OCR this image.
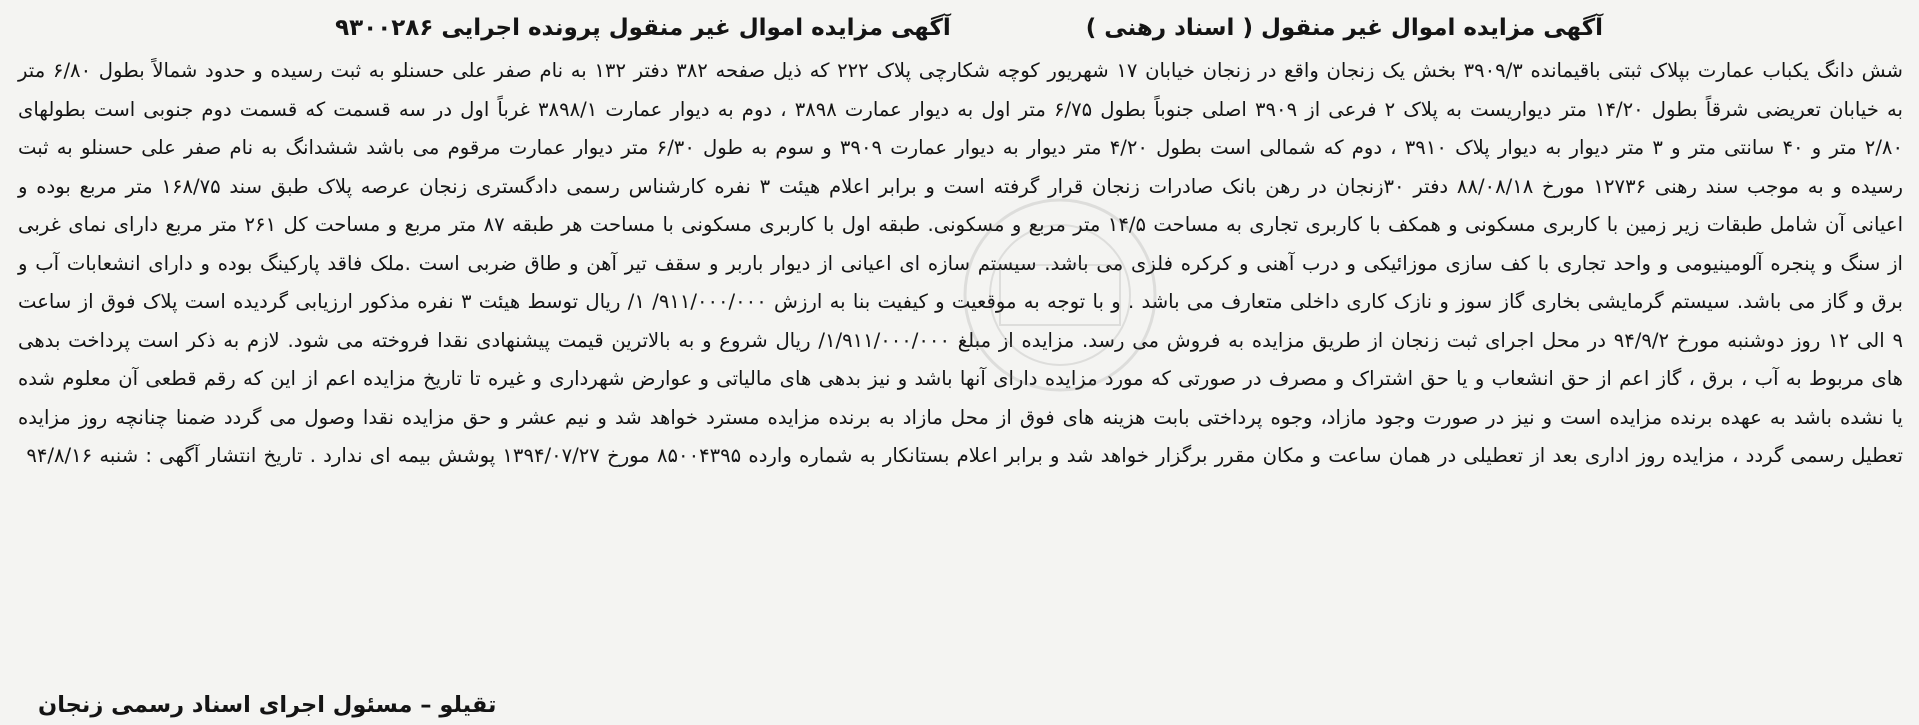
آگهی مزایده اموال غیر منقول ( اسناد رهنی )
آگهی مزایده اموال غیر منقول پرونده اجرایی ۹۳۰۰۲۸۶
شش دانگ یکباب عمارت بپلاک ثبتی باقیمانده ۳۹۰۹/۳ بخش یک زنجان واقع در زنجان خیابان ۱۷ شهریور کوچه شکارچی پلاک ۲۲۲ که ذیل صفحه ۳۸۲ دفتر ۱۳۲ به نام صفر علی حسنلو به ثبت رسیده و حدود شمالاً بطول ۶/۸۰ متر به خیابان تعریضی شرقاً بطول ۱۴/۲۰ متر دیواریست به پلاک ۲ فرعی از ۳۹۰۹ اصلی جنوباً بطول ۶/۷۵ متر اول به دیوار عمارت ۳۸۹۸ ، دوم به دیوار عمارت ۳۸۹۸/۱ غرباً اول در سه قسمت که قسمت دوم جنوبی است بطولهای ۲/۸۰ متر و ۴۰ سانتی متر و ۳ متر دیوار به دیوار پلاک ۳۹۱۰ ، دوم که شمالی است بطول ۴/۲۰ متر دیوار به دیوار عمارت ۳۹۰۹ و سوم به طول ۶/۳۰ متر دیوار عمارت مرقوم می باشد ششدانگ به نام صفر علی حسنلو به ثبت رسیده و به موجب سند رهنی ۱۲۷۳۶ مورخ ۸۸/۰۸/۱۸ دفتر ۳۰زنجان در رهن بانک صادرات زنجان قرار گرفته است و برابر اعلام هیئت ۳ نفره کارشناس رسمی دادگستری زنجان عرصه پلاک طبق سند ۱۶۸/۷۵ متر مربع بوده و اعیانی آن شامل طبقات زیر زمین با کاربری مسکونی و همکف با کاربری تجاری به مساحت ۱۴/۵ متر مربع و مسکونی. طبقه اول با کاربری مسکونی با مساحت هر طبقه ۸۷ متر مربع و مساحت کل ۲۶۱ متر مربع دارای نمای غربی از سنگ و پنجره آلومینیومی و واحد تجاری با کف سازی موزائیکی و درب آهنی و کرکره فلزی می باشد. سیستم سازه ای اعیانی از دیوار باربر و سقف تیر آهن و طاق ضربی است .ملک فاقد پارکینگ بوده و دارای انشعابات آب و برق و گاز می باشد. سیستم گرمایشی بخاری گاز سوز و نازک کاری داخلی متعارف می باشد . و با توجه به موقعیت و کیفیت بنا به ارزش ۹۱۱/۰۰۰/۰۰۰/ ۱/ ریال توسط هیئت ۳ نفره مذکور ارزیابی گردیده است پلاک فوق از ساعت ۹ الی ۱۲ روز دوشنبه مورخ ۹۴/۹/۲ در محل اجرای ثبت زنجان از طریق مزایده به فروش می رسد. مزایده از مبلغ ۱/۹۱۱/۰۰۰/۰۰۰/ ریال شروع و به بالاترین قیمت پیشنهادی نقدا فروخته می شود. لازم به ذکر است پرداخت بدهی های مربوط به آب ، برق ، گاز اعم از حق انشعاب و یا حق اشتراک و مصرف در صورتی که مورد مزایده دارای آنها باشد و نیز بدهی های مالیاتی و عوارض شهرداری و غیره تا تاریخ مزایده اعم از این که رقم قطعی آن معلوم شده یا نشده باشد به عهده برنده مزایده است و نیز در صورت وجود مازاد، وجوه پرداختی بابت هزینه های فوق از محل مازاد به برنده مزایده مسترد خواهد شد و نیم عشر و حق مزایده نقدا وصول می گردد ضمنا چنانچه روز مزایده تعطیل رسمی گردد ، مزایده روز اداری بعد از تعطیلی در همان ساعت و مکان مقرر برگزار خواهد شد و برابر اعلام بستانکار به شماره وارده ۸۵۰۰۴۳۹۵ مورخ ۱۳۹۴/۰۷/۲۷ پوشش بیمه ای ندارد . تاریخ انتشار آگهی : شنبه ۹۴/۸/۱۶
تقیلو – مسئول اجرای اسناد رسمی زنجان
